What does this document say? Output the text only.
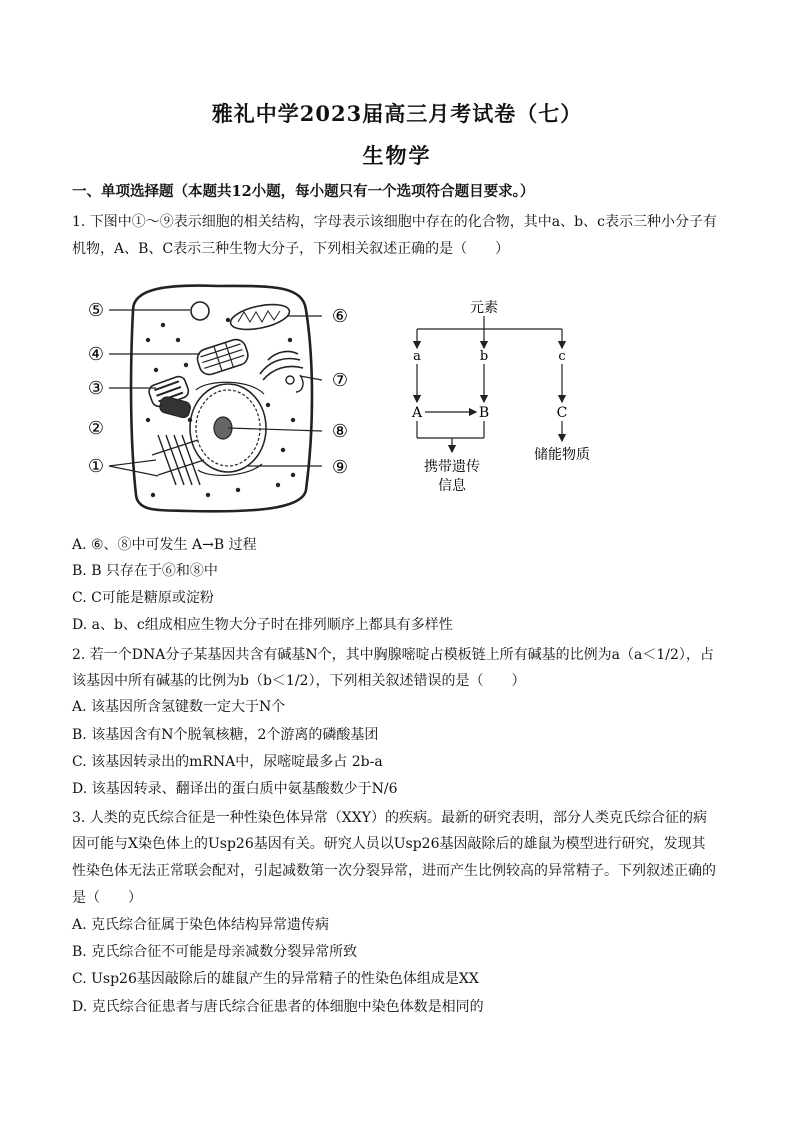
雅礼中学2023届高三月考试卷（七）
生物学
一、单项选择题（本题共12小题，每小题只有一个选项符合题目要求。）
1. 下图中①～⑨表示细胞的相关结构，字母表示该细胞中存在的化合物，其中a、b、c表示三种小分子有
机物，A、B、C表示三种生物大分子，下列相关叙述正确的是（　　）
⑤
④
③
②
①
⑥
⑦
⑧
⑨
元素
a	b	c
A	B	C
携带遗传
信息
储能物质
A. ⑥、⑧中可发生 A→B 过程
B. B 只存在于⑥和⑧中
C. C可能是糖原或淀粉
D. a、b、c组成相应生物大分子时在排列顺序上都具有多样性
2. 若一个DNA分子某基因共含有碱基N个，其中胸腺嘧啶占模板链上所有碱基的比例为a（a＜1/2），占
该基因中所有碱基的比例为b（b＜1/2），下列相关叙述错误的是（　　）
A. 该基因所含氢键数一定大于N个
B. 该基因含有N个脱氧核糖，2个游离的磷酸基团
C. 该基因转录出的mRNA中，尿嘧啶最多占 2b-a
D. 该基因转录、翻译出的蛋白质中氨基酸数少于N/6
3. 人类的克氏综合征是一种性染色体异常（XXY）的疾病。最新的研究表明，部分人类克氏综合征的病
因可能与X染色体上的Usp26基因有关。研究人员以Usp26基因敲除后的雄鼠为模型进行研究，发现其
性染色体无法正常联会配对，引起减数第一次分裂异常，进而产生比例较高的异常精子。下列叙述正确的
是（　　）
A. 克氏综合征属于染色体结构异常遗传病
B. 克氏综合征不可能是母亲减数分裂异常所致
C. Usp26基因敲除后的雄鼠产生的异常精子的性染色体组成是XX
D. 克氏综合征患者与唐氏综合征患者的体细胞中染色体数是相同的
